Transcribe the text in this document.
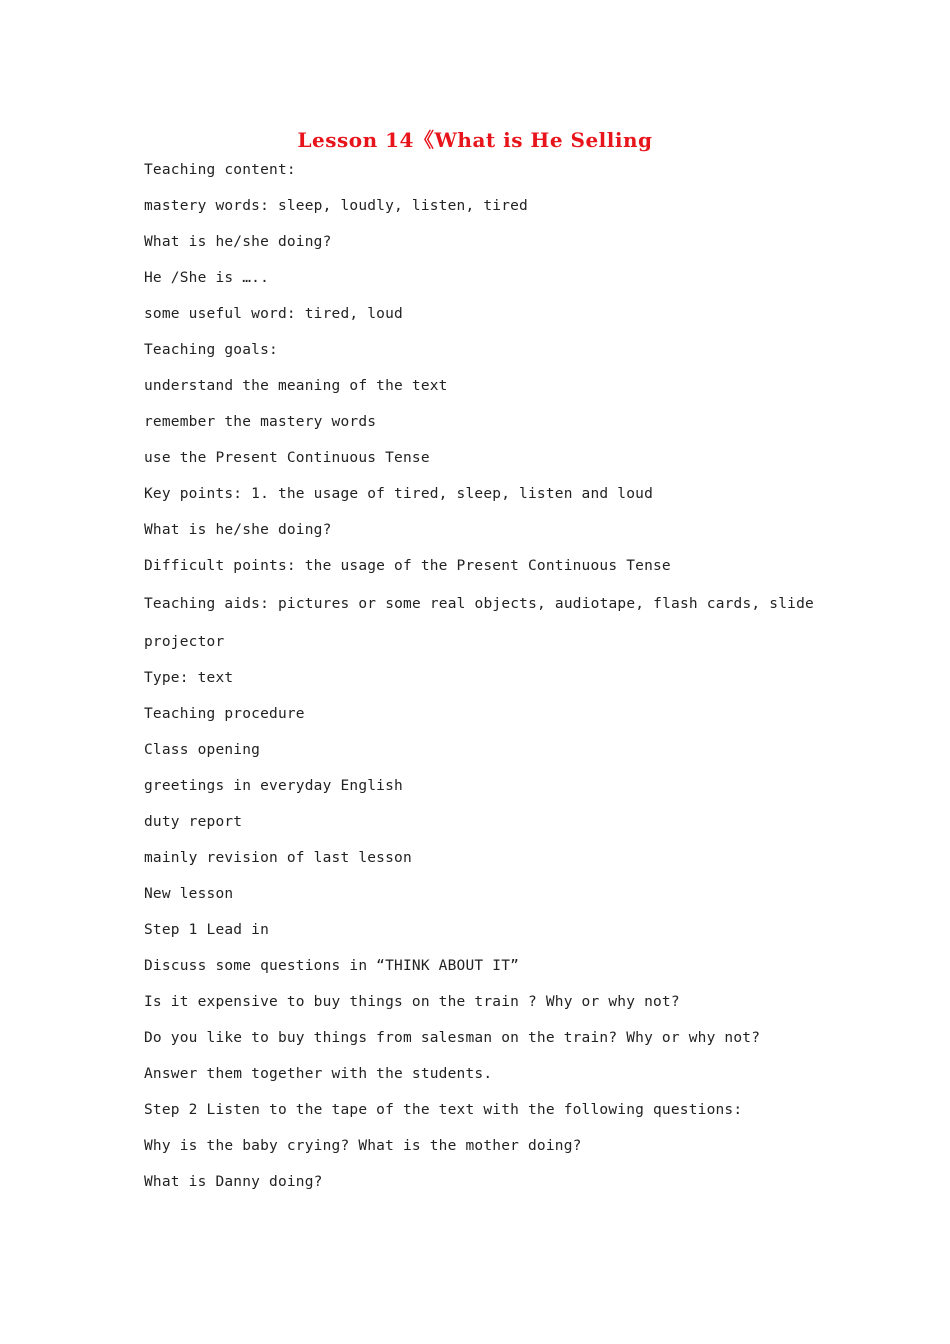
Lesson 14《What is He Selling
Teaching content:
mastery words: sleep, loudly, listen, tired
What is he/she doing?
He /She is …..
some useful word: tired, loud
Teaching goals:
understand the meaning of the text
remember the mastery words
use the Present Continuous Tense
Key points: 1. the usage of tired, sleep, listen and loud
What is he/she doing?
Difficult points: the usage of the Present Continuous Tense
Teaching aids: pictures or some real objects, audiotape, flash cards, slide
projector
Type: text
Teaching procedure
Class opening
greetings in everyday English
duty report
mainly revision of last lesson
New lesson
Step 1 Lead in
Discuss some questions in “THINK ABOUT IT”
Is it expensive to buy things on the train ? Why or why not?
Do you like to buy things from salesman on the train? Why or why not?
Answer them together with the students.
Step 2 Listen to the tape of the text with the following questions:
Why is the baby crying? What is the mother doing?
What is Danny doing?
